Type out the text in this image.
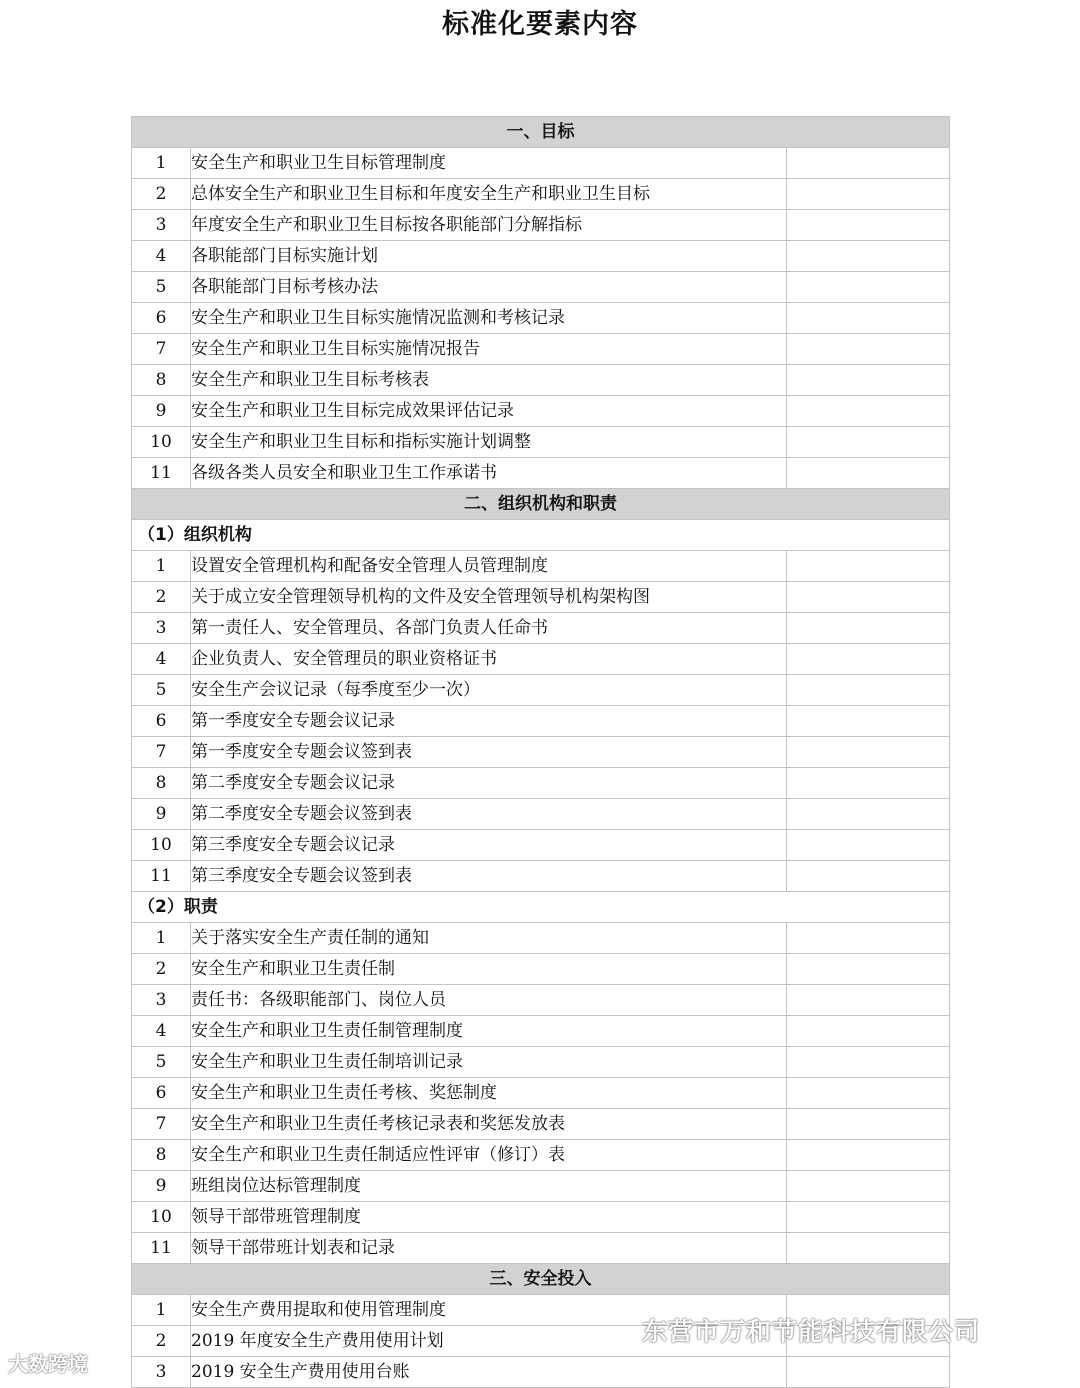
标准化要素内容
一、目标		
1	安全生产和职业卫生目标管理制度	
2	总体安全生产和职业卫生目标和年度安全生产和职业卫生目标	
3	年度安全生产和职业卫生目标按各职能部门分解指标	
4	各职能部门目标实施计划	
5	各职能部门目标考核办法	
6	安全生产和职业卫生目标实施情况监测和考核记录	
7	安全生产和职业卫生目标实施情况报告	
8	安全生产和职业卫生目标考核表	
9	安全生产和职业卫生目标完成效果评估记录	
10	安全生产和职业卫生目标和指标实施计划调整	
11	各级各类人员安全和职业卫生工作承诺书	
二、组织机构和职责		
（1）组织机构		
1	设置安全管理机构和配备安全管理人员管理制度	
2	关于成立安全管理领导机构的文件及安全管理领导机构架构图	
3	第一责任人、安全管理员、各部门负责人任命书	
4	企业负责人、安全管理员的职业资格证书	
5	安全生产会议记录（每季度至少一次）	
6	第一季度安全专题会议记录	
7	第一季度安全专题会议签到表	
8	第二季度安全专题会议记录	
9	第二季度安全专题会议签到表	
10	第三季度安全专题会议记录	
11	第三季度安全专题会议签到表	
（2）职责		
1	关于落实安全生产责任制的通知	
2	安全生产和职业卫生责任制	
3	责任书：各级职能部门、岗位人员	
4	安全生产和职业卫生责任制管理制度	
5	安全生产和职业卫生责任制培训记录	
6	安全生产和职业卫生责任考核、奖惩制度	
7	安全生产和职业卫生责任考核记录表和奖惩发放表	
8	安全生产和职业卫生责任制适应性评审（修订）表	
9	班组岗位达标管理制度	
10	领导干部带班管理制度	
11	领导干部带班计划表和记录	
三、安全投入		
1	安全生产费用提取和使用管理制度	
2	2019 年度安全生产费用使用计划	
3	2019 安全生产费用使用台账	
大数跨境
东营市万和节能科技有限公司
